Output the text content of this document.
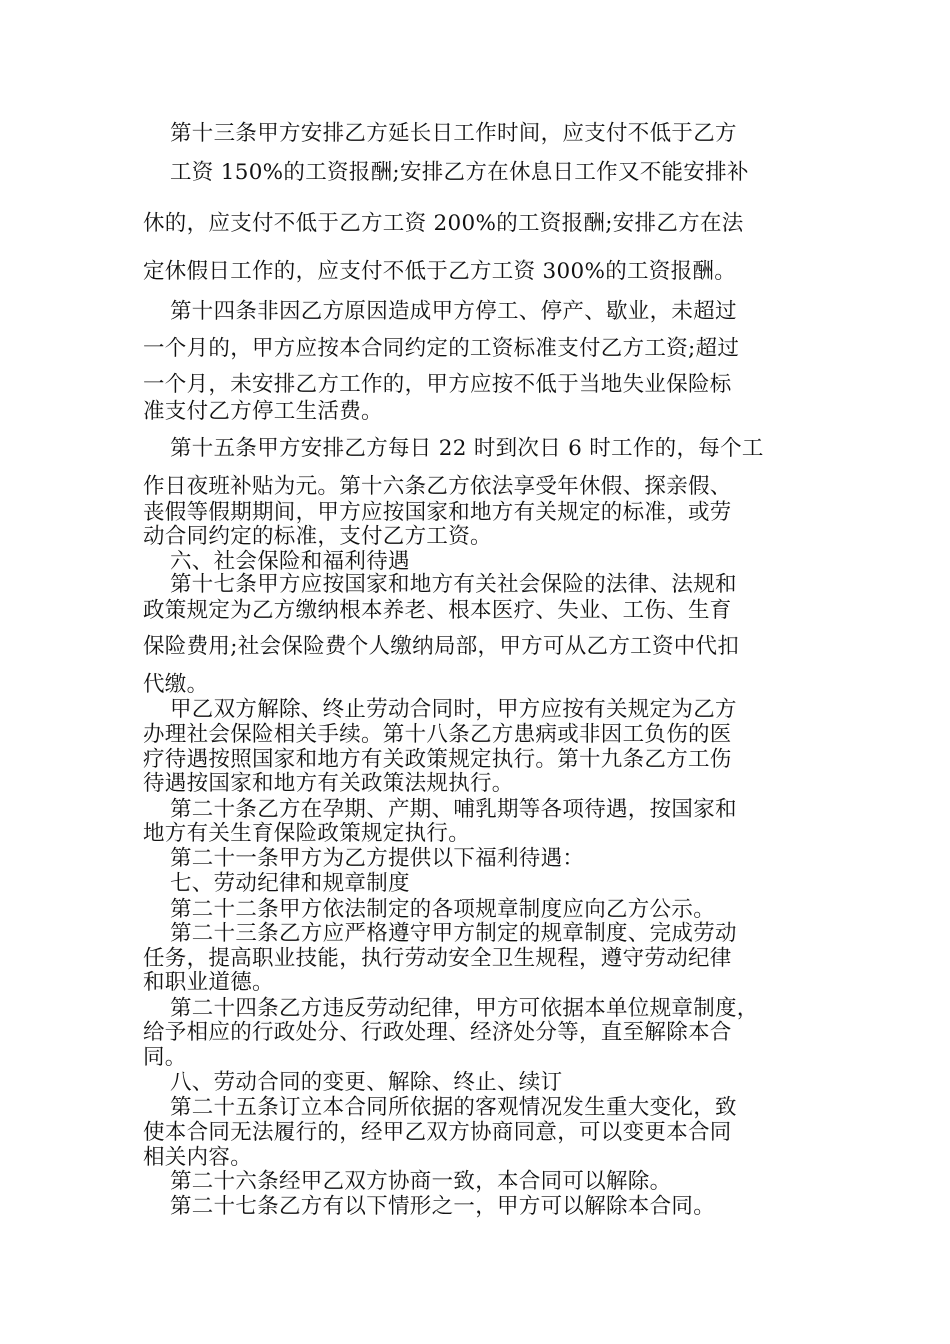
第十三条甲方安排乙方延长日工作时间，应支付不低于乙方
工资 150%的工资报酬;安排乙方在休息日工作又不能安排补
休的，应支付不低于乙方工资 200%的工资报酬;安排乙方在法
定休假日工作的，应支付不低于乙方工资 300%的工资报酬。
第十四条非因乙方原因造成甲方停工、停产、歇业，未超过
一个月的，甲方应按本合同约定的工资标准支付乙方工资;超过
一个月，未安排乙方工作的，甲方应按不低于当地失业保险标
准支付乙方停工生活费。
第十五条甲方安排乙方每日 22 时到次日 6 时工作的，每个工
作日夜班补贴为元。第十六条乙方依法享受年休假、探亲假、
丧假等假期期间，甲方应按国家和地方有关规定的标准，或劳
动合同约定的标准，支付乙方工资。
六、社会保险和福利待遇
第十七条甲方应按国家和地方有关社会保险的法律、法规和
政策规定为乙方缴纳根本养老、根本医疗、失业、工伤、生育
保险费用;社会保险费个人缴纳局部，甲方可从乙方工资中代扣
代缴。
甲乙双方解除、终止劳动合同时，甲方应按有关规定为乙方
办理社会保险相关手续。第十八条乙方患病或非因工负伤的医
疗待遇按照国家和地方有关政策规定执行。第十九条乙方工伤
待遇按国家和地方有关政策法规执行。
第二十条乙方在孕期、产期、哺乳期等各项待遇，按国家和
地方有关生育保险政策规定执行。
第二十一条甲方为乙方提供以下福利待遇：
七、劳动纪律和规章制度
第二十二条甲方依法制定的各项规章制度应向乙方公示。
第二十三条乙方应严格遵守甲方制定的规章制度、完成劳动
任务，提高职业技能，执行劳动安全卫生规程，遵守劳动纪律
和职业道德。
第二十四条乙方违反劳动纪律，甲方可依据本单位规章制度，
给予相应的行政处分、行政处理、经济处分等，直至解除本合
同。
八、劳动合同的变更、解除、终止、续订
第二十五条订立本合同所依据的客观情况发生重大变化，致
使本合同无法履行的，经甲乙双方协商同意，可以变更本合同
相关内容。
第二十六条经甲乙双方协商一致，本合同可以解除。
第二十七条乙方有以下情形之一，甲方可以解除本合同。
